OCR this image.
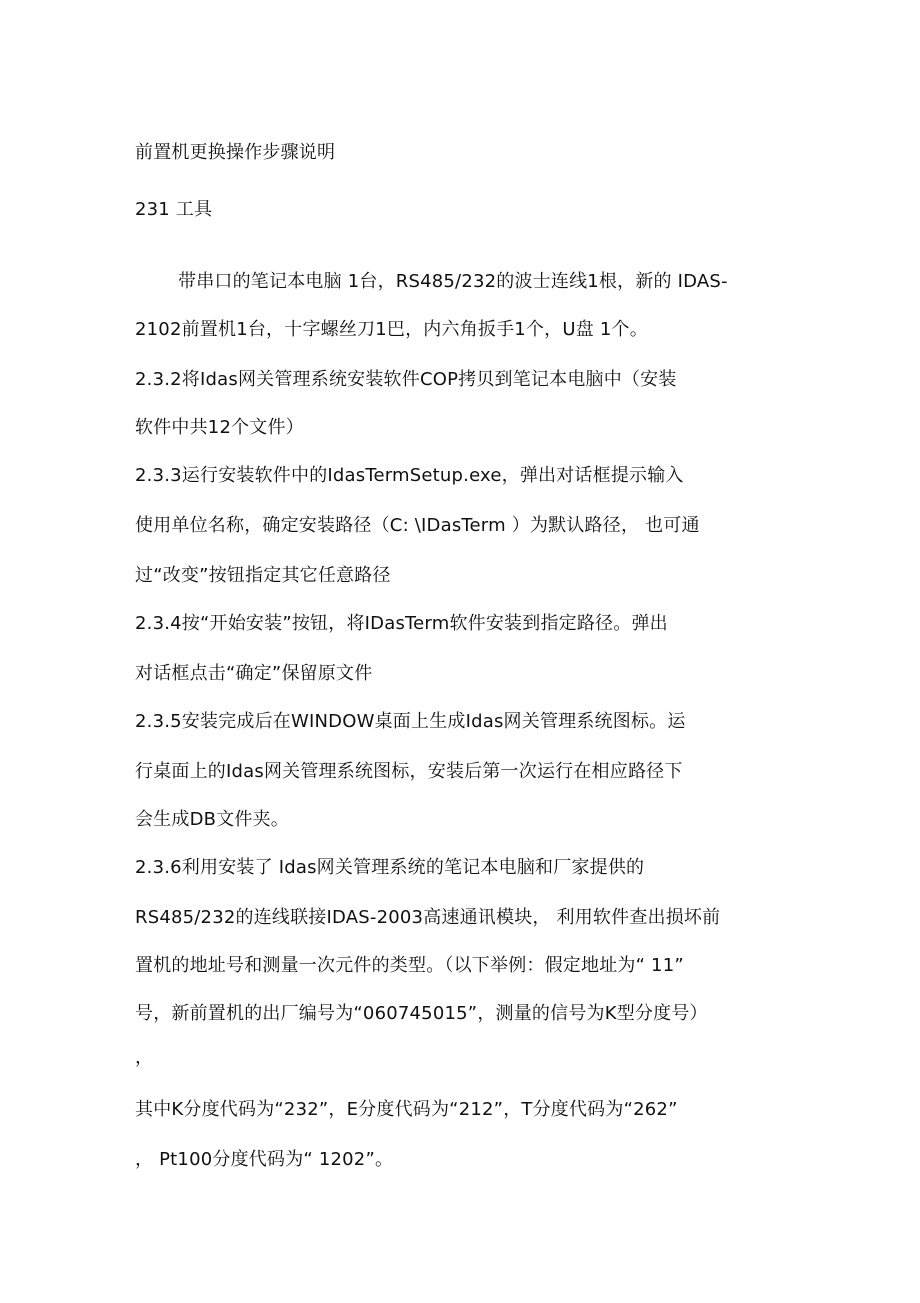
前置机更换操作步骤说明
231 工具
带串口的笔记本电脑 1台，RS485/232的波士连线1根，新的 IDAS-
2102前置机1台，十字螺丝刀1巴，内六角扳手1个，U盘 1个。
2.3.2将Idas网关管理系统安装软件COP拷贝到笔记本电脑中（安装
软件中共12个文件）
2.3.3运行安装软件中的IdasTermSetup.exe，弹出对话框提示输入
使用单位名称，确定安装路径（C: \IDasTerm ）为默认路径， 也可通
过“改变”按钮指定其它任意路径
2.3.4按“开始安装”按钮，将IDasTerm软件安装到指定路径。弹出
对话框点击“确定”保留原文件
2.3.5安装完成后在WINDOW桌面上生成Idas网关管理系统图标。运
行桌面上的Idas网关管理系统图标，安装后第一次运行在相应路径下
会生成DB文件夹。
2.3.6利用安装了 Idas网关管理系统的笔记本电脑和厂家提供的
RS485/232的连线联接IDAS-2003高速通讯模块， 利用软件查出损坏前
置机的地址号和测量一次元件的类型。（以下举例：假定地址为“ 11”
号，新前置机的出厂编号为“060745015”，测量的信号为K型分度号）
，
其中K分度代码为“232”，E分度代码为“212”，T分度代码为“262”
， Pt100分度代码为“ 1202”。
